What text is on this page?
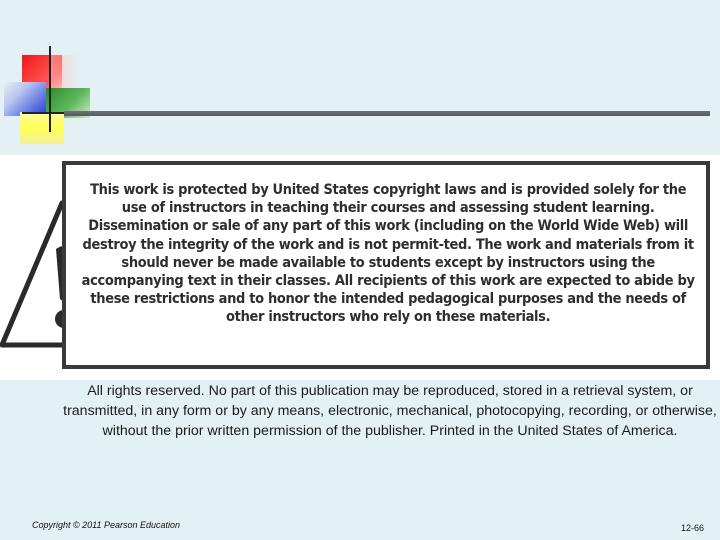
This work is protected by United States copyright laws and is provided solely for the use of instructors in teaching their courses and assessing student learning. Dissemination or sale of any part of this work (including on the World Wide Web) will destroy the integrity of the work and is not permit-ted. The work and materials from it should never be made available to students except by instructors using the accompanying text in their classes. All recipients of this work are expected to abide by these restrictions and to honor the intended pedagogical purposes and the needs of other instructors who rely on these materials.

All rights reserved. No part of this publication may be reproduced, stored in a retrieval system, or transmitted, in any form or by any means, electronic, mechanical, photocopying, recording, or otherwise, without the prior written permission of the publisher. Printed in the United States of America.

Copyright © 2011 Pearson Education	12-66
